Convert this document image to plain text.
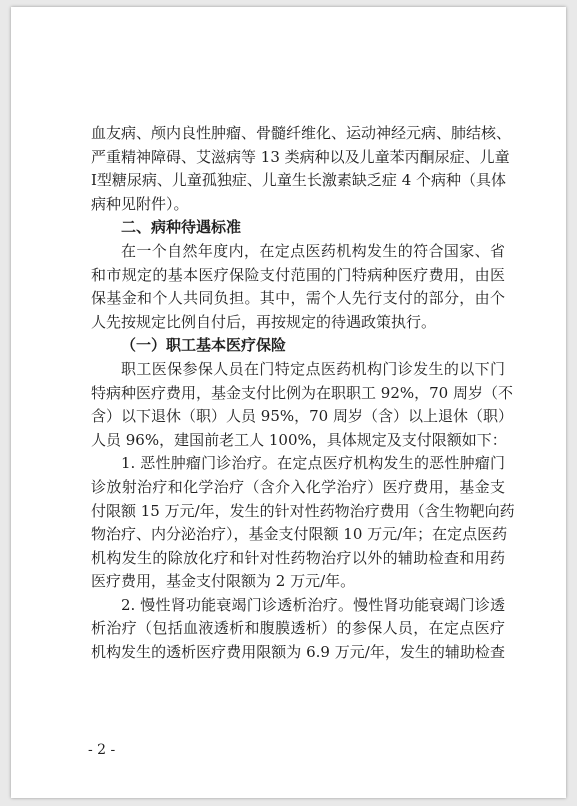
血友病、颅内良性肿瘤、骨髓纤维化、运动神经元病、肺结核、
严重精神障碍、艾滋病等 13 类病种以及儿童苯丙酮尿症、儿童
I型糖尿病、儿童孤独症、儿童生长激素缺乏症 4 个病种（具体
病种见附件）。
二、病种待遇标准
在一个自然年度内，在定点医药机构发生的符合国家、省
和市规定的基本医疗保险支付范围的门特病种医疗费用，由医
保基金和个人共同负担。其中，需个人先行支付的部分，由个
人先按规定比例自付后，再按规定的待遇政策执行。
（一）职工基本医疗保险
职工医保参保人员在门特定点医药机构门诊发生的以下门
特病种医疗费用，基金支付比例为在职职工 92%，70 周岁（不
含）以下退休（职）人员 95%，70 周岁（含）以上退休（职）
人员 96%，建国前老工人 100%，具体规定及支付限额如下：
1. 恶性肿瘤门诊治疗。在定点医疗机构发生的恶性肿瘤门
诊放射治疗和化学治疗（含介入化学治疗）医疗费用，基金支
付限额 15 万元/年，发生的针对性药物治疗费用（含生物靶向药
物治疗、内分泌治疗），基金支付限额 10 万元/年；在定点医药
机构发生的除放化疗和针对性药物治疗以外的辅助检查和用药
医疗费用，基金支付限额为 2 万元/年。
2. 慢性肾功能衰竭门诊透析治疗。慢性肾功能衰竭门诊透
析治疗（包括血液透析和腹膜透析）的参保人员，在定点医疗
机构发生的透析医疗费用限额为 6.9 万元/年，发生的辅助检查
- 2 -
